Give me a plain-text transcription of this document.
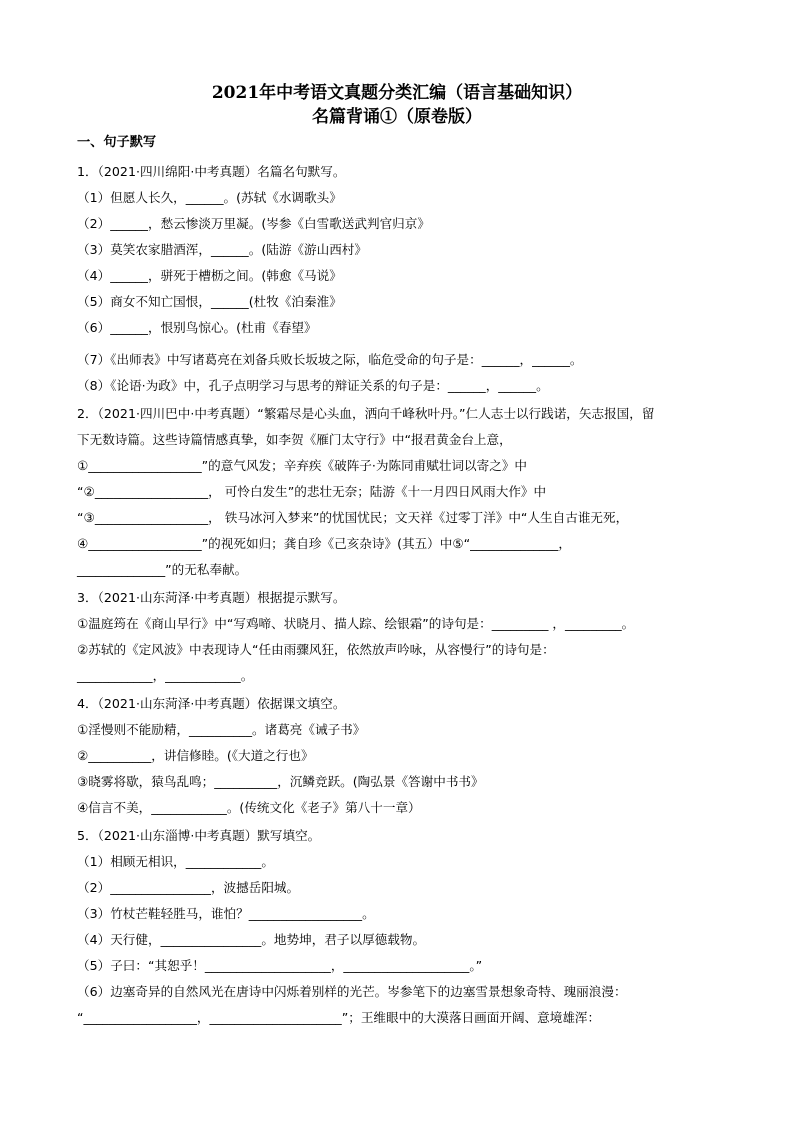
2021年中考语文真题分类汇编（语言基础知识）
名篇背诵①（原卷版）
一、句子默写
1．（2021·四川绵阳·中考真题）名篇名句默写。
（1）但愿人长久，______。(苏轼《水调歌头》
（2）______，愁云惨淡万里凝。(岑参《白雪歌送武判官归京》
（3）莫笑农家腊酒浑，______。(陆游《游山西村》
（4）______，骈死于槽枥之间。(韩愈《马说》
（5）商女不知亡国恨，______(杜牧《泊秦淮》
（6）______，恨别鸟惊心。(杜甫《春望》
（7）《出师表》中写诸葛亮在刘备兵败长坂坡之际，临危受命的句子是：______，______。
（8）《论语·为政》中，孔子点明学习与思考的辩证关系的句子是：______，______。
2．（2021·四川巴中·中考真题）“繁霜尽是心头血，洒向千峰秋叶丹。”仁人志士以行践诺，矢志报国，留
下无数诗篇。这些诗篇情感真挚，如李贺《雁门太守行》中“报君黄金台上意，
①__________________”的意气风发；辛弃疾《破阵子·为陈同甫赋壮词以寄之》中
“②__________________， 可怜白发生”的悲壮无奈；陆游《十一月四日风雨大作》中
“③__________________， 铁马冰河入梦来”的忧国忧民；文天祥《过零丁洋》中“人生自古谁无死，
④__________________”的视死如归；龚自珍《己亥杂诗》(其五）中⑤“______________，
______________”的无私奉献。
3．（2021·山东菏泽·中考真题）根据提示默写。
①温庭筠在《商山早行》中“写鸡啼、状晓月、描人踪、绘银霜”的诗句是：_________ ，_________。
②苏轼的《定风波》中表现诗人“任由雨骤风狂，依然放声吟咏，从容慢行”的诗句是：
____________，____________。
4．（2021·山东菏泽·中考真题）依据课文填空。
①淫慢则不能励精，__________。诸葛亮《诫子书》
②__________，讲信修睦。(《大道之行也》
③晓雾将歇，猿鸟乱鸣；__________，沉鳞竞跃。(陶弘景《答谢中书书》
④信言不美，____________。(传统文化《老子》第八十一章）
5．（2021·山东淄博·中考真题）默写填空。
（1）相顾无相识，____________。
（2）________________，波撼岳阳城。
（3）竹杖芒鞋轻胜马，谁怕？__________________。
（4）天行健，________________。地势坤，君子以厚德载物。
（5）子曰：“其恕乎！____________________，____________________。”
（6）边塞奇异的自然风光在唐诗中闪烁着别样的光芒。岑参笔下的边塞雪景想象奇特、瑰丽浪漫：
“__________________，_____________________”；王维眼中的大漠落日画面开阔、意境雄浑：
